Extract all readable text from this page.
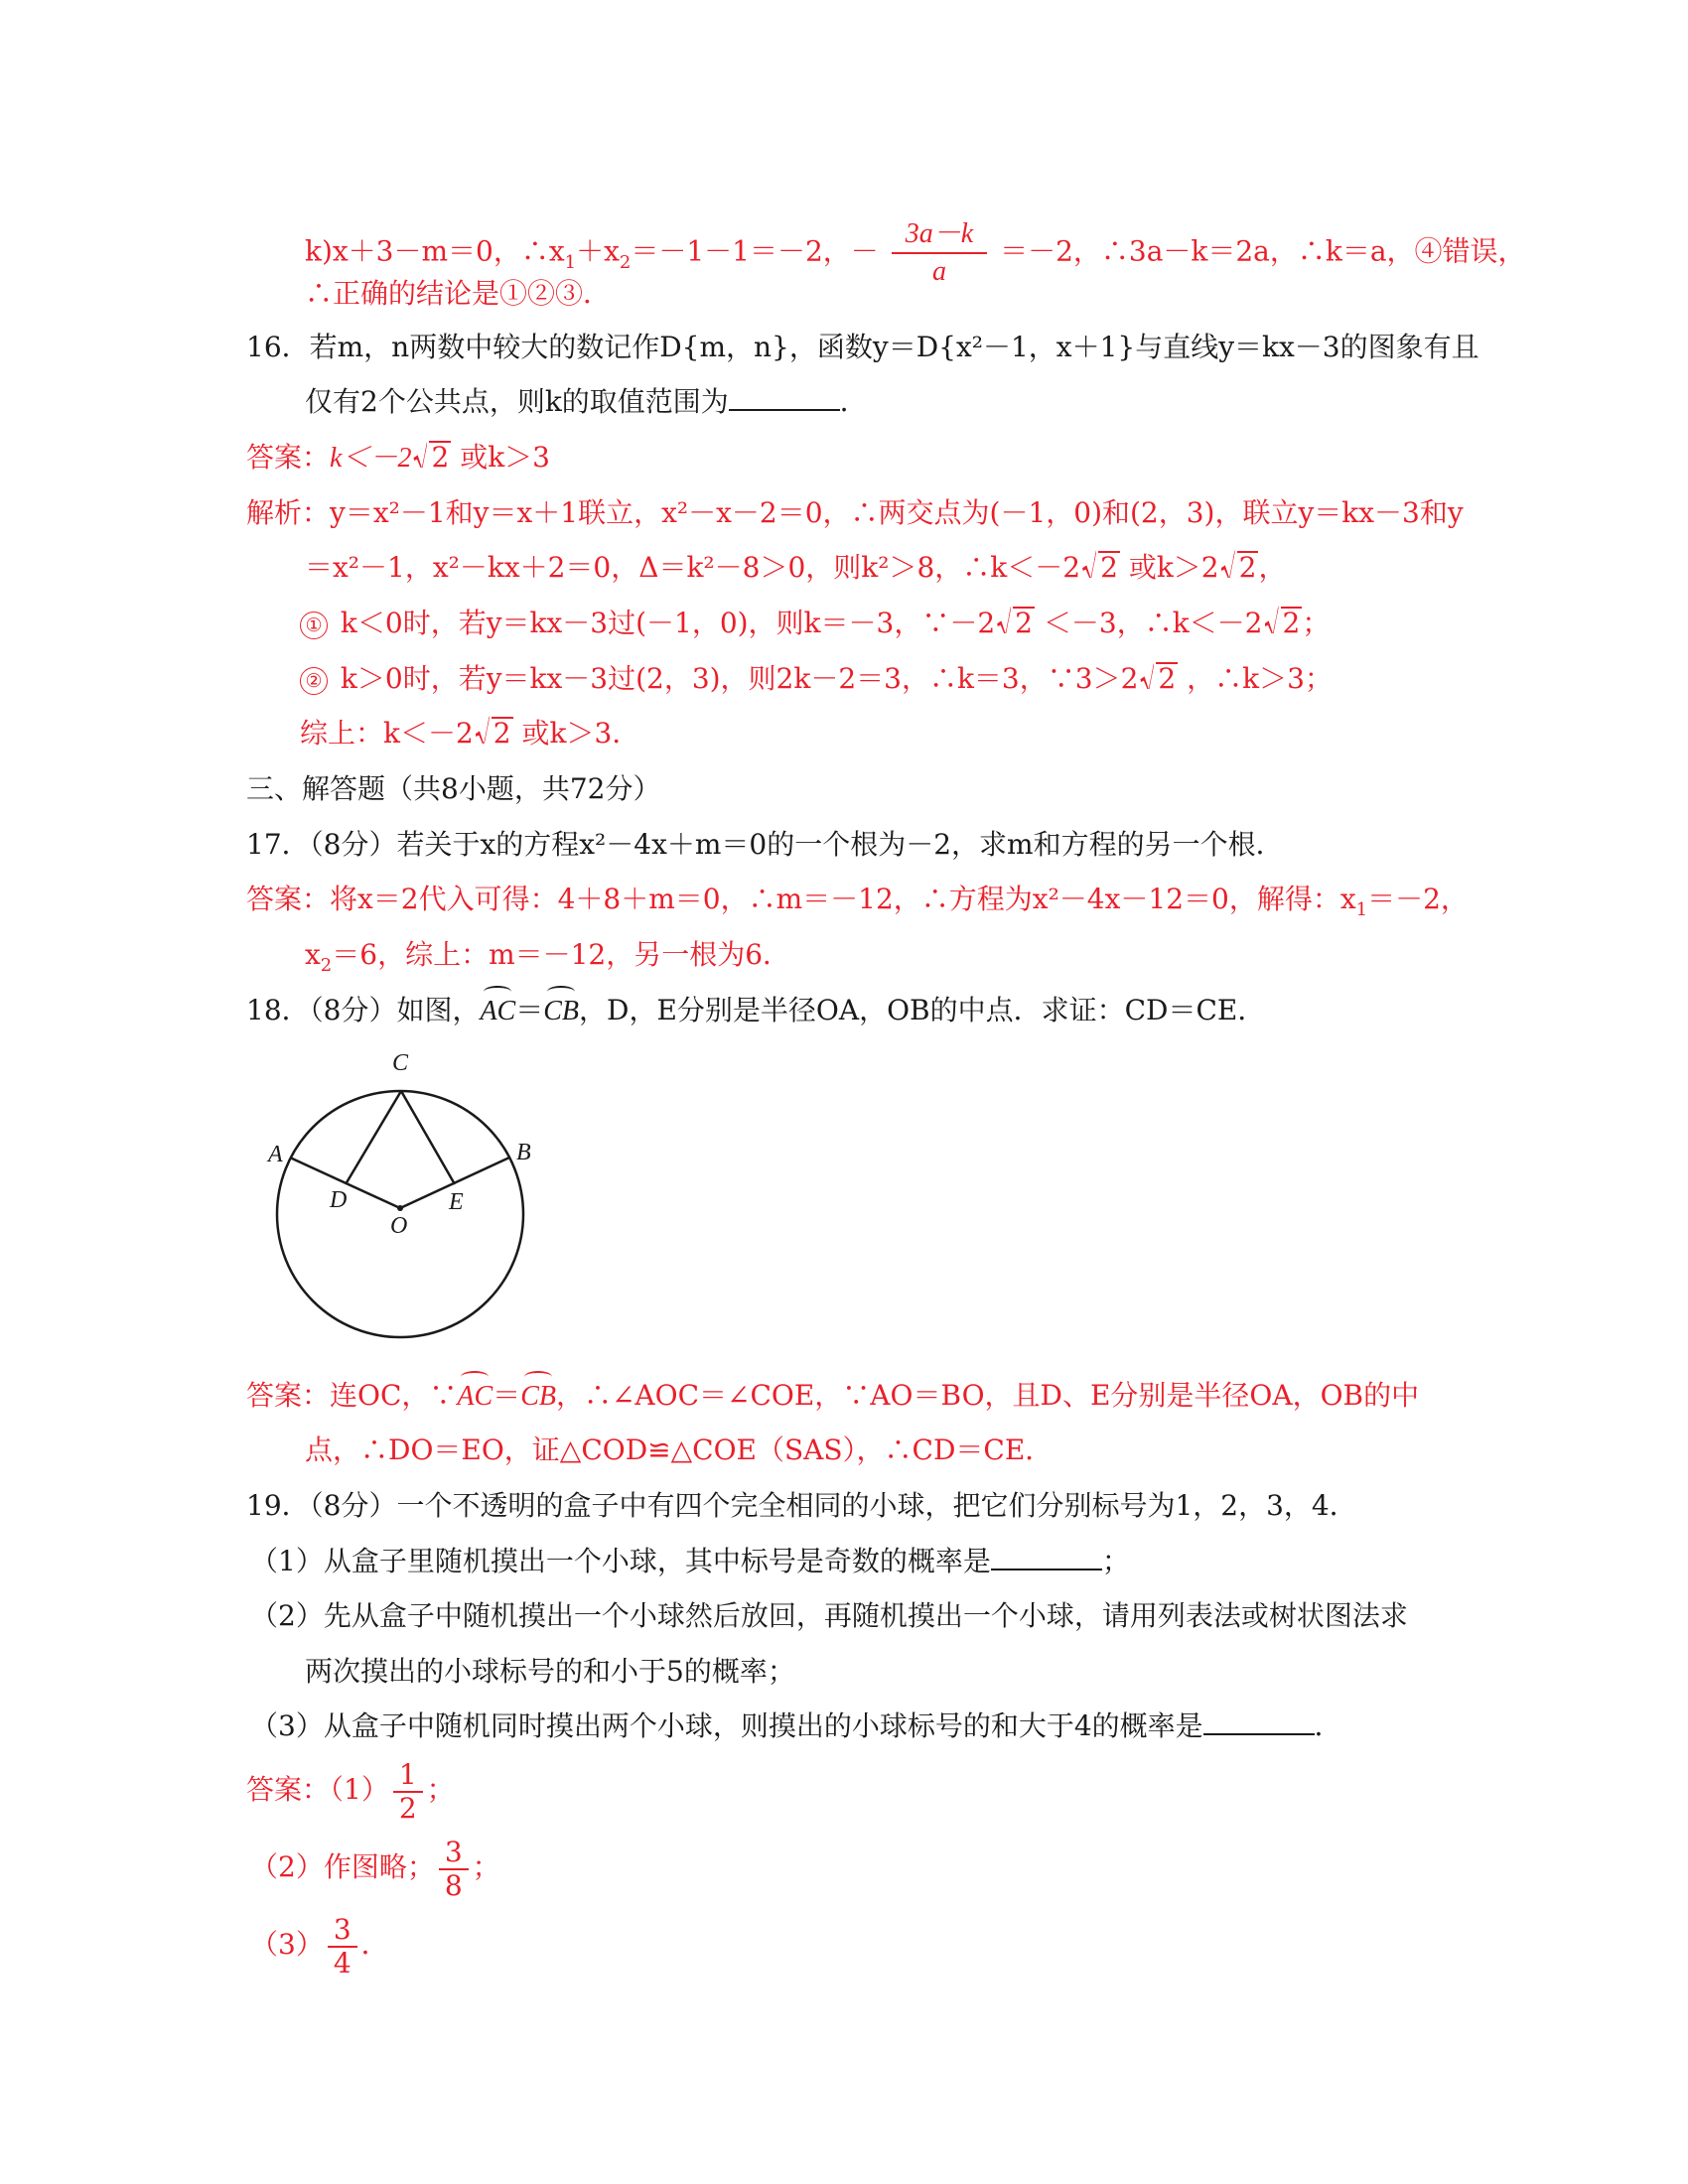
k)x＋3－m＝0，$\therefore x_1+x_2=-1-1=-2$，－ $\frac{3a-k}{a} =-2$，∴3a－k＝2a，∴k＝a，④错误，
∴正确的结论是①②③．
16．若m，n两数中较大的数记作D{m，n}，函数y＝D{x²－1，x＋1}与直线y＝kx－3的图象有且
仅有2个公共点，则k的取值范围为	．
答案：k＜－2 2 或k＞3
解析：y＝x²－1和y＝x＋1联立，x²－x－2＝0，∴两交点为(－1，0)和(2，3)，联立y＝kx－3和y
＝x²－1，x²－kx＋2＝0，Δ＝k²－8＞0，则k²＞8，∴k＜－2 2 或k＞2 2，
① k＜0时，若y＝kx－3过(－1，0)，则k＝－3，∵－2 2 ＜－3，∴k＜－2 2；
② k＞0时，若y＝kx－3过(2，3)，则2k－2＝3，∴k＝3，∵3＞2 2 ，∴k＞3；
综上：k＜－2 2 或k＞3．
三、解答题（共8小题，共72分）
17．（8分）若关于x的方程x²－4x＋m＝0的一个根为－2，求m和方程的另一个根．
答案：将x＝2代入可得：4＋8＋m＝0，∴m＝－12，∴方程为x²－4x－12＝0，解得：$x_1=-2$，
$x_2=6$，综上：m＝－12，另一根为6．
18．（8分）如图，AC＝CB，D，E分别是半径OA，OB的中点．求证：CD＝CE．
C
A	B
D	E
O
答案：连OC，∵AC＝CB，∴∠AOC＝∠COE，∵AO＝BO，且D、E分别是半径OA，OB的中
点，∴DO＝EO，证△COD≌△COE（SAS），∴CD＝CE．
19．（8分）一个不透明的盒子中有四个完全相同的小球，把它们分别标号为1，2，3，4．
（1）从盒子里随机摸出一个小球，其中标号是奇数的概率是	；
（2）先从盒子中随机摸出一个小球然后放回，再随机摸出一个小球，请用列表法或树状图法求
两次摸出的小球标号的和小于5的概率；
（3）从盒子中随机同时摸出两个小球，则摸出的小球标号的和大于4的概率是	．
答案：$(1) \frac{1}{2}$ ；
（2）作图略； $\frac{3}{8}$ ；
$(3) \frac{3}{4}$ ．
